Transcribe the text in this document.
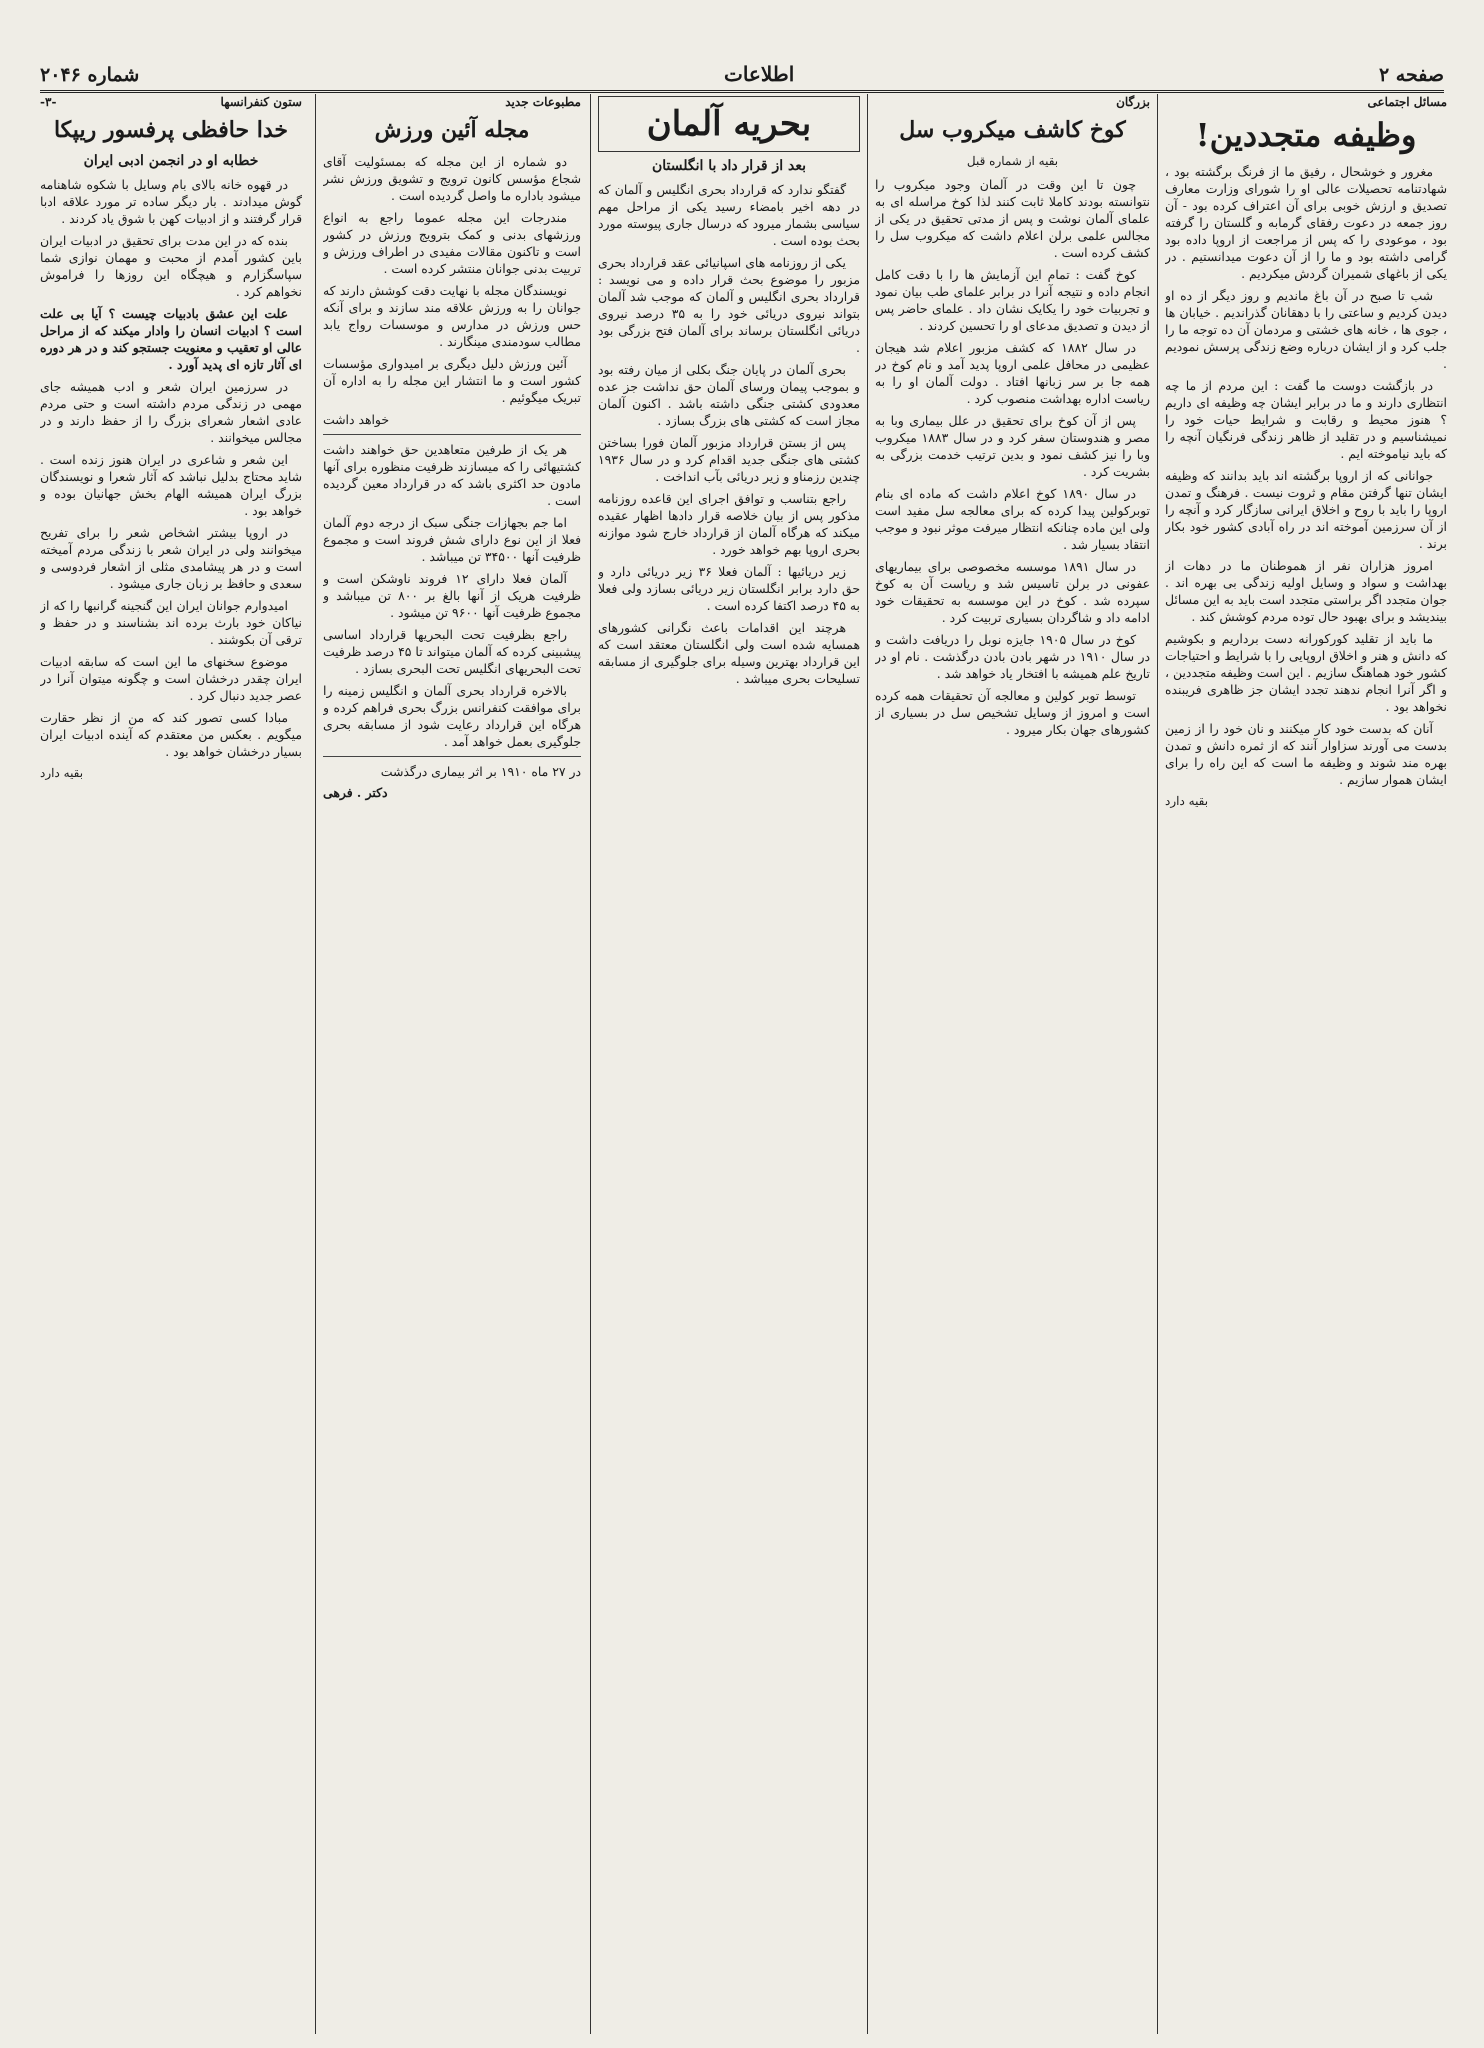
صفحه ۲
اطلاعات
شماره ۲۰۴۶
مسائل اجتماعی
وظیفه متجددین!

مغرور و خوشحال ، رفیق ما از فرنگ برگشته بود ، شهادتنامه تحصیلات عالی او را شورای وزارت معارف تصدیق و ارزش خوبی برای آن اعتراف کرده بود - آن روز جمعه در دعوت رفقای گرمابه و گلستان را گرفته بود ، موعودی را که پس از مراجعت از اروپا داده بود گرامی داشته بود و ما را از آن دعوت میدانستیم . در یکی از باغهای شمیران گردش میکردیم .

شب تا صبح در آن باغ ماندیم و روز دیگر از ده او دیدن کردیم و ساعتی را با دهقانان گذراندیم . خیابان ها ، جوی ها ، خانه های خشتی و مردمان آن ده توجه ما را جلب کرد و از ایشان درباره وضع زندگی پرسش نمودیم .

در بازگشت دوست ما گفت : این مردم از ما چه انتظاری دارند و ما در برابر ایشان چه وظیفه ای داریم ؟ هنوز محیط و رقابت و شرایط حیات خود را نمیشناسیم و در تقلید از ظاهر زندگی فرنگیان آنچه را که باید نیاموخته ایم .

جوانانی که از اروپا برگشته اند باید بدانند که وظیفه ایشان تنها گرفتن مقام و ثروت نیست . فرهنگ و تمدن اروپا را باید با روح و اخلاق ایرانی سازگار کرد و آنچه را از آن سرزمین آموخته اند در راه آبادی کشور خود بکار برند .

امروز هزاران نفر از هموطنان ما در دهات از بهداشت و سواد و وسایل اولیه زندگی بی بهره اند . جوان متجدد اگر براستی متجدد است باید به این مسائل بیندیشد و برای بهبود حال توده مردم کوشش کند .

ما باید از تقلید کورکورانه دست برداریم و بکوشیم که دانش و هنر و اخلاق اروپایی را با شرایط و احتیاجات کشور خود هماهنگ سازیم . این است وظیفه متجددین ، و اگر آنرا انجام ندهند تجدد ایشان جز ظاهری فریبنده نخواهد بود .

آنان که بدست خود کار میکنند و نان خود را از زمین بدست می آورند سزاوار آنند که از ثمره دانش و تمدن بهره مند شوند و وظیفه ما است که این راه را برای ایشان هموار سازیم .

بقیه دارد
بزرگان
کوخ کاشف میکروب سل
بقیه از شماره قبل

چون تا این وقت در آلمان وجود میکروب را نتوانسته بودند کاملا ثابت کنند لذا کوخ مراسله ای به علمای آلمان نوشت و پس از مدتی تحقیق در یکی از مجالس علمی برلن اعلام داشت که میکروب سل را کشف کرده است .

کوخ گفت : تمام این آزمایش ها را با دقت کامل انجام داده و نتیجه آنرا در برابر علمای طب بیان نمود و تجربیات خود را یکایک نشان داد . علمای حاضر پس از دیدن و تصدیق مدعای او را تحسین کردند .

در سال ۱۸۸۲ که کشف مزبور اعلام شد هیجان عظیمی در محافل علمی اروپا پدید آمد و نام کوخ در همه جا بر سر زبانها افتاد . دولت آلمان او را به ریاست اداره بهداشت منصوب کرد .

پس از آن کوخ برای تحقیق در علل بیماری وبا به مصر و هندوستان سفر کرد و در سال ۱۸۸۳ میکروب وبا را نیز کشف نمود و بدین ترتیب خدمت بزرگی به بشریت کرد .

در سال ۱۸۹۰ کوخ اعلام داشت که ماده ای بنام توبرکولین پیدا کرده که برای معالجه سل مفید است ولی این ماده چنانکه انتظار میرفت موثر نبود و موجب انتقاد بسیار شد .

در سال ۱۸۹۱ موسسه مخصوصی برای بیماریهای عفونی در برلن تاسیس شد و ریاست آن به کوخ سپرده شد . کوخ در این موسسه به تحقیقات خود ادامه داد و شاگردان بسیاری تربیت کرد .

کوخ در سال ۱۹۰۵ جایزه نوبل را دریافت داشت و در سال ۱۹۱۰ در شهر بادن بادن درگذشت . نام او در تاریخ علم همیشه با افتخار یاد خواهد شد .

توسط توبر کولین و معالجه آن تحقیقات همه کرده است و امروز از وسایل تشخیص سل در بسیاری از کشورهای جهان بکار میرود .

بحریه آلمان
بعد از قرار داد با انگلستان

گفتگو ندارد که قرارداد بحری انگلیس و آلمان که در دهه اخیر بامضاء رسید یکی از مراحل مهم سیاسی بشمار میرود که درسال جاری پیوسته مورد بحث بوده است .

یکی از روزنامه های اسپانیائی عقد قرارداد بحری مزبور را موضوع بحث قرار داده و می نویسد : قرارداد بحری انگلیس و آلمان که موجب شد آلمان بتواند نیروی دریائی خود را به ۳۵ درصد نیروی دریائی انگلستان برساند برای آلمان فتح بزرگی بود .

بحری آلمان در پایان جنگ بکلی از میان رفته بود و بموجب پیمان ورسای آلمان حق نداشت جز عده معدودی کشتی جنگی داشته باشد . اکنون آلمان مجاز است که کشتی های بزرگ بسازد .

پس از بستن قرارداد مزبور آلمان فورا بساختن کشتی های جنگی جدید اقدام کرد و در سال ۱۹۳۶ چندین رزمناو و زیر دریائی بآب انداخت .

راجع بتناسب و توافق اجرای این قاعده روزنامه مذکور پس از بیان خلاصه قرار دادها اظهار عقیده میکند که هرگاه آلمان از قرارداد خارج شود موازنه بحری اروپا بهم خواهد خورد .

زیر دریائیها : آلمان فعلا ۳۶ زیر دریائی دارد و حق دارد برابر انگلستان زیر دریائی بسازد ولی فعلا به ۴۵ درصد اکتفا کرده است .

هرچند این اقدامات باعث نگرانی کشورهای همسایه شده است ولی انگلستان معتقد است که این قرارداد بهترین وسیله برای جلوگیری از مسابقه تسلیحات بحری میباشد .

مطبوعات جدید
مجله آئین ورزش

دو شماره از این مجله که بمسئولیت آقای شجاع مؤسس کانون ترویج و تشویق ورزش نشر میشود باداره ما واصل گردیده است .

مندرجات این مجله عموما راجع به انواع ورزشهای بدنی و کمک بترویج ورزش در کشور است و تاکنون مقالات مفیدی در اطراف ورزش و تربیت بدنی جوانان منتشر کرده است .

نویسندگان مجله با نهایت دقت کوشش دارند که جوانان را به ورزش علاقه مند سازند و برای آنکه حس ورزش در مدارس و موسسات رواج یابد مطالب سودمندی مینگارند .

آئین ورزش دلیل دیگری بر امیدواری مؤسسات کشور است و ما انتشار این مجله را به اداره آن تبریک میگوئیم .

خواهد داشت

هر یک از طرفین متعاهدین حق خواهند داشت کشتیهائی را که میسازند ظرفیت منظوره برای آنها مادون حد اکثری باشد که در قرارداد معین گردیده است .

اما جم بجهازات جنگی سبک از درجه دوم آلمان فعلا از این نوع دارای شش فروند است و مجموع ظرفیت آنها ۳۴۵۰۰ تن میباشد .

آلمان فعلا دارای ۱۲ فروند ناوشکن است و ظرفیت هریک از آنها بالغ بر ۸۰۰ تن میباشد و مجموع ظرفیت آنها ۹۶۰۰ تن میشود .

راجع بظرفیت تحت البحریها قرارداد اساسی پیشبینی کرده که آلمان میتواند تا ۴۵ درصد ظرفیت تحت البحریهای انگلیس تحت البحری بسازد .

بالاخره قرارداد بحری آلمان و انگلیس زمینه را برای موافقت کنفرانس بزرگ بحری فراهم کرده و هرگاه این قرارداد رعایت شود از مسابقه بحری جلوگیری بعمل خواهد آمد .

در ۲۷ ماه ۱۹۱۰ بر اثر بیماری درگذشت
دکتر . فرهی
ستون کنفرانسها
-۳-
خدا حافظی پرفسور ریپکا
خطابه او در انجمن ادبی ایران

در قهوه خانه بالای بام وسایل با شکوه شاهنامه گوش میدادند . بار دیگر ساده تر مورد علاقه ادبا قرار گرفتند و از ادبیات کهن با شوق یاد کردند .

بنده که در این مدت برای تحقیق در ادبیات ایران باین کشور آمدم از محبت و مهمان نوازی شما سپاسگزارم و هیچگاه این روزها را فراموش نخواهم کرد .

علت این عشق بادبیات چیست ؟ آیا بی علت است ؟ ادبیات انسان را وادار میکند که از مراحل عالی او تعقیب و معنویت جستجو کند و در هر دوره ای آثار تازه ای پدید آورد .

در سرزمین ایران شعر و ادب همیشه جای مهمی در زندگی مردم داشته است و حتی مردم عادی اشعار شعرای بزرگ را از حفظ دارند و در مجالس میخوانند .

این شعر و شاعری در ایران هنوز زنده است . شاید محتاج بدلیل نباشد که آثار شعرا و نویسندگان بزرگ ایران همیشه الهام بخش جهانیان بوده و خواهد بود .

در اروپا بیشتر اشخاص شعر را برای تفریح میخوانند ولی در ایران شعر با زندگی مردم آمیخته است و در هر پیشامدی مثلی از اشعار فردوسی و سعدی و حافظ بر زبان جاری میشود .

امیدوارم جوانان ایران این گنجینه گرانبها را که از نیاکان خود بارث برده اند بشناسند و در حفظ و ترقی آن بکوشند .

موضوع سخنهای ما این است که سابقه ادبیات ایران چقدر درخشان است و چگونه میتوان آنرا در عصر جدید دنبال کرد .

مبادا کسی تصور کند که من از نظر حقارت میگویم . بعکس من معتقدم که آینده ادبیات ایران بسیار درخشان خواهد بود .

بقیه دارد
